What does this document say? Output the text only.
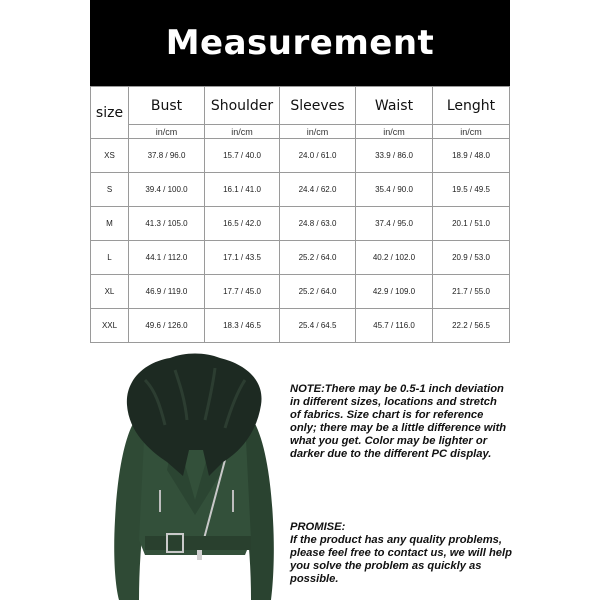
Measurement
size	Bust	Shoulder	Sleeves	Waist	Lenght
	in/cm	in/cm	in/cm	in/cm	in/cm
XS	37.8 / 96.0	15.7 / 40.0	24.0 / 61.0	33.9 / 86.0	18.9 / 48.0
S	39.4 / 100.0	16.1 / 41.0	24.4 / 62.0	35.4 / 90.0	19.5 / 49.5
M	41.3 / 105.0	16.5 / 42.0	24.8 / 63.0	37.4 / 95.0	20.1 / 51.0
L	44.1 / 112.0	17.1 / 43.5	25.2 / 64.0	40.2 / 102.0	20.9 / 53.0
XL	46.9 / 119.0	17.7 / 45.0	25.2 / 64.0	42.9 / 109.0	21.7 / 55.0
XXL	49.6 / 126.0	18.3 / 46.5	25.4 / 64.5	45.7 / 116.0	22.2 / 56.5
NOTE:There may be 0.5-1 inch deviation in different sizes, locations and stretch of fabrics. Size chart is for reference only; there may be a little difference with what you get. Color may be lighter or darker due to the different PC display.
PROMISE:
If the product has any quality problems, please feel free to contact us, we will help you solve the problem as quickly as possible.
